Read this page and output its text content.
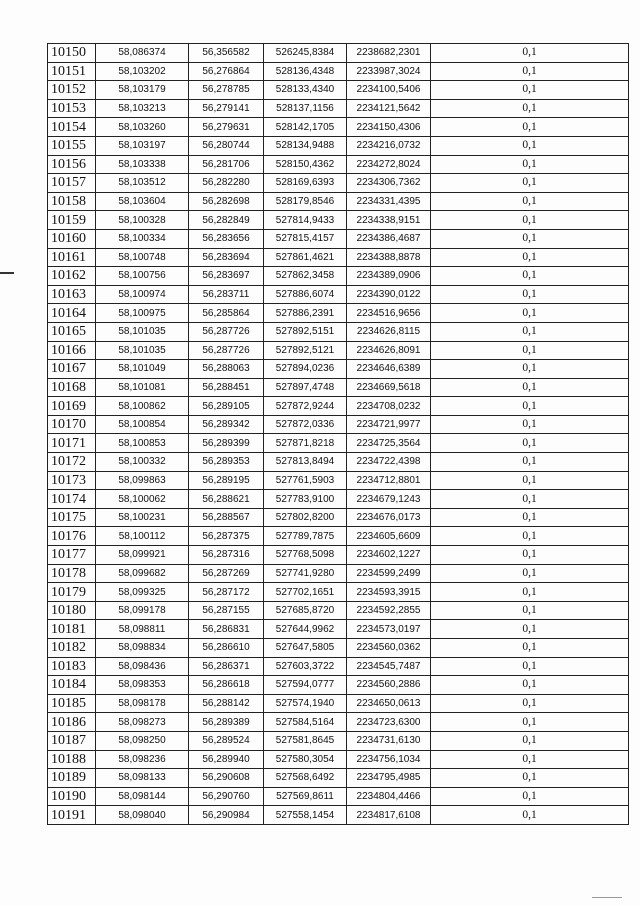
10150	58,086374	56,356582	526245,8384	2238682,2301	0,1
10151	58,103202	56,276864	528136,4348	2233987,3024	0,1
10152	58,103179	56,278785	528133,4340	2234100,5406	0,1
10153	58,103213	56,279141	528137,1156	2234121,5642	0,1
10154	58,103260	56,279631	528142,1705	2234150,4306	0,1
10155	58,103197	56,280744	528134,9488	2234216,0732	0,1
10156	58,103338	56,281706	528150,4362	2234272,8024	0,1
10157	58,103512	56,282280	528169,6393	2234306,7362	0,1
10158	58,103604	56,282698	528179,8546	2234331,4395	0,1
10159	58,100328	56,282849	527814,9433	2234338,9151	0,1
10160	58,100334	56,283656	527815,4157	2234386,4687	0,1
10161	58,100748	56,283694	527861,4621	2234388,8878	0,1
10162	58,100756	56,283697	527862,3458	2234389,0906	0,1
10163	58,100974	56,283711	527886,6074	2234390,0122	0,1
10164	58,100975	56,285864	527886,2391	2234516,9656	0,1
10165	58,101035	56,287726	527892,5151	2234626,8115	0,1
10166	58,101035	56,287726	527892,5121	2234626,8091	0,1
10167	58,101049	56,288063	527894,0236	2234646,6389	0,1
10168	58,101081	56,288451	527897,4748	2234669,5618	0,1
10169	58,100862	56,289105	527872,9244	2234708,0232	0,1
10170	58,100854	56,289342	527872,0336	2234721,9977	0,1
10171	58,100853	56,289399	527871,8218	2234725,3564	0,1
10172	58,100332	56,289353	527813,8494	2234722,4398	0,1
10173	58,099863	56,289195	527761,5903	2234712,8801	0,1
10174	58,100062	56,288621	527783,9100	2234679,1243	0,1
10175	58,100231	56,288567	527802,8200	2234676,0173	0,1
10176	58,100112	56,287375	527789,7875	2234605,6609	0,1
10177	58,099921	56,287316	527768,5098	2234602,1227	0,1
10178	58,099682	56,287269	527741,9280	2234599,2499	0,1
10179	58,099325	56,287172	527702,1651	2234593,3915	0,1
10180	58,099178	56,287155	527685,8720	2234592,2855	0,1
10181	58,098811	56,286831	527644,9962	2234573,0197	0,1
10182	58,098834	56,286610	527647,5805	2234560,0362	0,1
10183	58,098436	56,286371	527603,3722	2234545,7487	0,1
10184	58,098353	56,286618	527594,0777	2234560,2886	0,1
10185	58,098178	56,288142	527574,1940	2234650,0613	0,1
10186	58,098273	56,289389	527584,5164	2234723,6300	0,1
10187	58,098250	56,289524	527581,8645	2234731,6130	0,1
10188	58,098236	56,289940	527580,3054	2234756,1034	0,1
10189	58,098133	56,290608	527568,6492	2234795,4985	0,1
10190	58,098144	56,290760	527569,8611	2234804,4466	0,1
10191	58,098040	56,290984	527558,1454	2234817,6108	0,1
